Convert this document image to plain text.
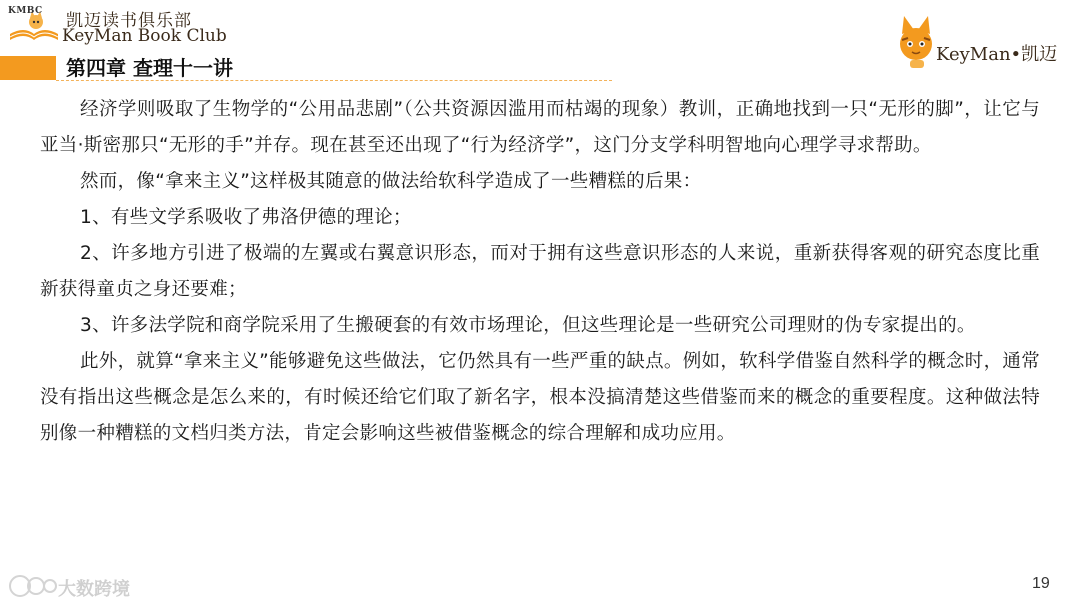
KMBC 凯迈读书俱乐部
KeyMan Book Club
第四章 查理十一讲
KeyMan•凯迈

经济学则吸取了生物学的“公用品悲剧”（公共资源因滥用而枯竭的现象）教训，正确地找到一只“无形的脚”，让它与亚当·斯密那只“无形的手”并存。现在甚至还出现了“行为经济学”，这门分支学科明智地向心理学寻求帮助。

然而，像“拿来主义”这样极其随意的做法给软科学造成了一些糟糕的后果：

1、有些文学系吸收了弗洛伊德的理论；

2、许多地方引进了极端的左翼或右翼意识形态，而对于拥有这些意识形态的人来说，重新获得客观的研究态度比重新获得童贞之身还要难；

3、许多法学院和商学院采用了生搬硬套的有效市场理论，但这些理论是一些研究公司理财的伪专家提出的。

此外，就算“拿来主义”能够避免这些做法，它仍然具有一些严重的缺点。例如，软科学借鉴自然科学的概念时，通常没有指出这些概念是怎么来的，有时候还给它们取了新名字，根本没搞清楚这些借鉴而来的概念的重要程度。这种做法特别像一种糟糕的文档归类方法，肯定会影响这些被借鉴概念的综合理解和成功应用。

大数跨境	19
